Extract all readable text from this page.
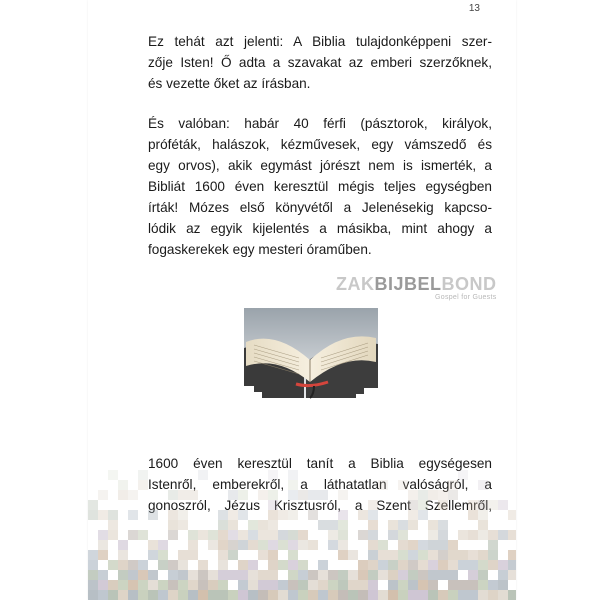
13
Ez tehát azt jelenti: A Biblia tulajdonképpeni szer-
zője Isten! Ő adta a szavakat az emberi szerzőknek,
és vezette őket az írásban.
És valóban: habár 40 férfi (pásztorok, királyok,
próféták, halászok, kézművesek, egy vámszedő és
egy orvos), akik egymást jórészt nem is ismerték, a
Bibliát 1600 éven keresztül mégis teljes egységben
írták! Mózes első könyvétől a Jelenésekig kapcso-
lódik az egyik kijelentés a másikba, mint ahogy a
fogaskerekek egy mesteri óraműben.
1600 éven keresztül tanít a Biblia egységesen
Istenről, emberekről, a láthatatlan valóságról, a
gonoszról, Jézus Krisztusról, a Szent Szellemről,
ZAKBIJBELBOND
Gospel for Guests
